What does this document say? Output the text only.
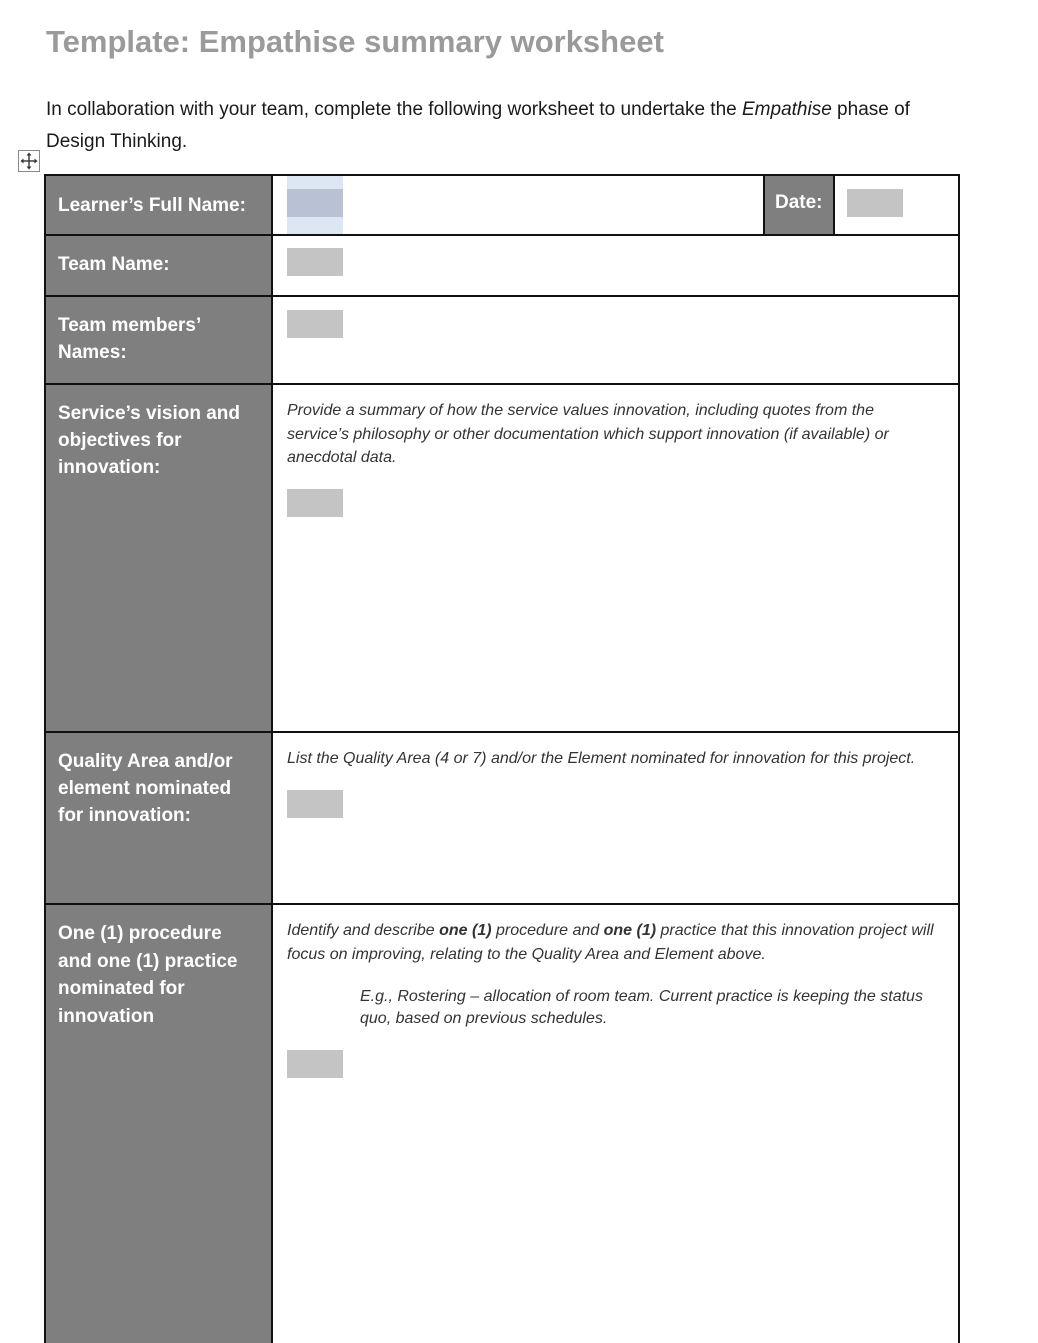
Template: Empathise summary worksheet
In collaboration with your team, complete the following worksheet to undertake the Empathise phase of Design Thinking.
Learner’s Full Name:	Date:
Team Name:
Team members’ Names:
Service’s vision and objectives for innovation:
Provide a summary of how the service values innovation, including quotes from the service’s philosophy or other documentation which support innovation (if available) or anecdotal data.
Quality Area and/or element nominated for innovation:
List the Quality Area (4 or 7) and/or the Element nominated for innovation for this project.
One (1) procedure and one (1) practice nominated for innovation
Identify and describe one (1) procedure and one (1) practice that this innovation project will focus on improving, relating to the Quality Area and Element above.
E.g., Rostering – allocation of room team. Current practice is keeping the status quo, based on previous schedules.
